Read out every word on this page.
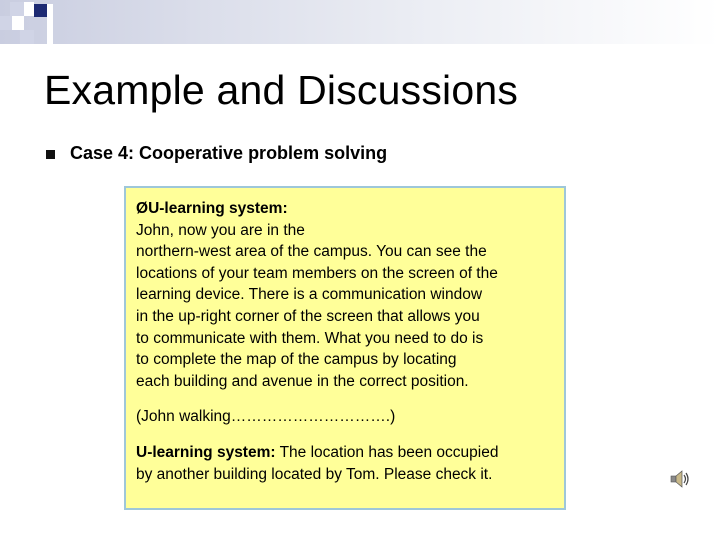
Example and Discussions
Case 4: Cooperative problem solving

ØU-learning system:

John, now you are in the

northern-west area of the campus. You can see the

locations of your team members on the screen of the

learning device. There is a communication window

in the up-right corner of the screen that allows you

to communicate with them. What you need to do is

to complete the map of the campus by locating

each building and avenue in the correct position.

(John walking………………………….)

U-learning system: The location has been occupied

by another building located by Tom. Please check it.
